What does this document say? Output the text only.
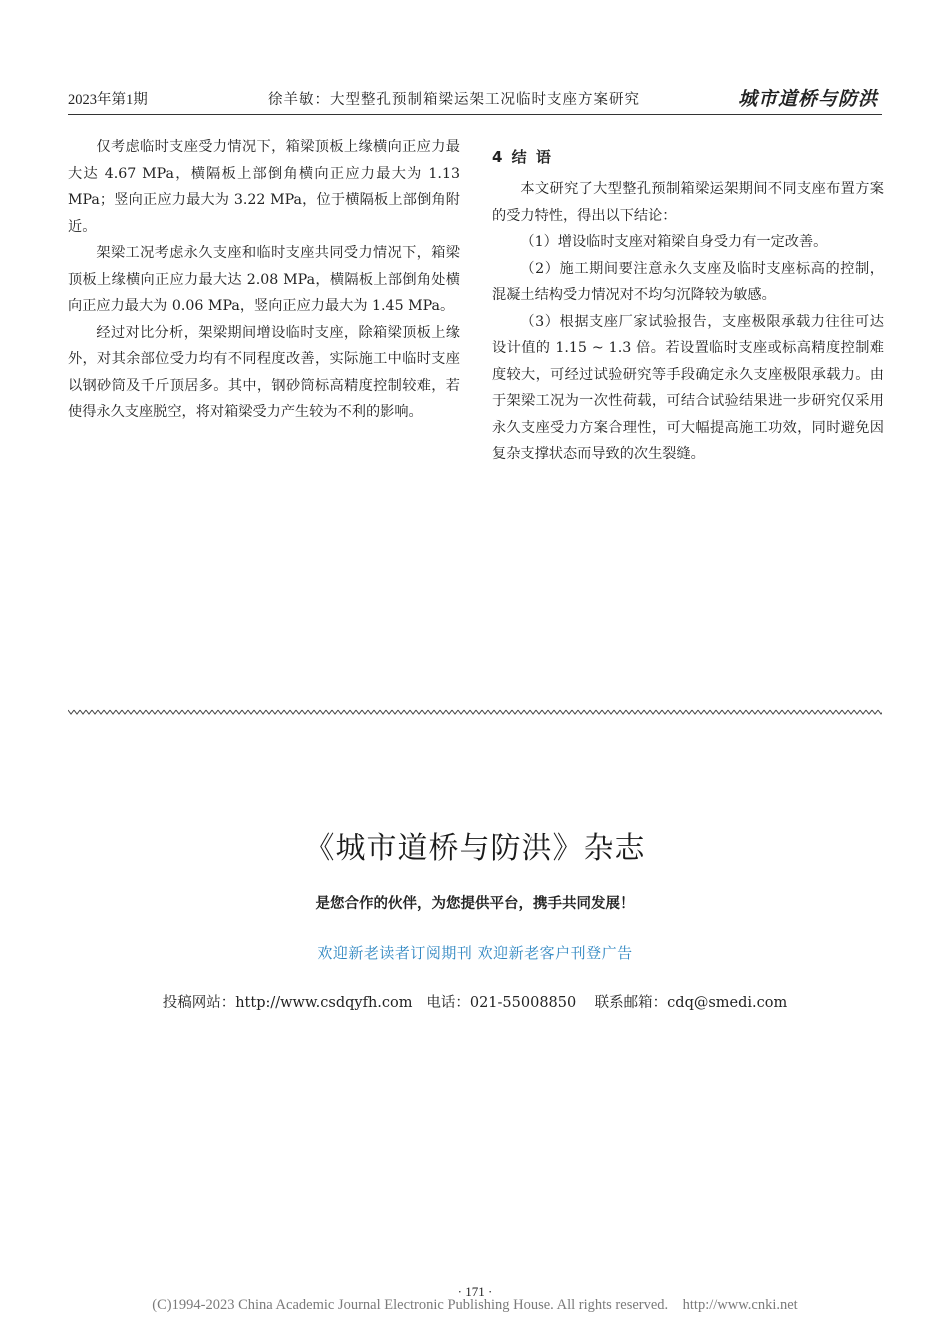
2023年第1期	徐羊敏：大型整孔预制箱梁运架工况临时支座方案研究	城市道桥与防洪

仅考虑临时支座受力情况下，箱梁顶板上缘横向正应力最大达 4.67 MPa，横隔板上部倒角横向正应力最大为 1.13 MPa；竖向正应力最大为 3.22 MPa，位于横隔板上部倒角附近。

架梁工况考虑永久支座和临时支座共同受力情况下，箱梁顶板上缘横向正应力最大达 2.08 MPa，横隔板上部倒角处横向正应力最大为 0.06 MPa，竖向正应力最大为 1.45 MPa。

经过对比分析，架梁期间增设临时支座，除箱梁顶板上缘外，对其余部位受力均有不同程度改善，实际施工中临时支座以钢砂筒及千斤顶居多。其中，钢砂筒标高精度控制较难，若使得永久支座脱空，将对箱梁受力产生较为不利的影响。

4 结 语

本文研究了大型整孔预制箱梁运架期间不同支座布置方案的受力特性，得出以下结论：

（1）增设临时支座对箱梁自身受力有一定改善。

（2）施工期间要注意永久支座及临时支座标高的控制，混凝土结构受力情况对不均匀沉降较为敏感。

（3）根据支座厂家试验报告，支座极限承载力往往可达设计值的 1.15 ~ 1.3 倍。若设置临时支座或标高精度控制难度较大，可经过试验研究等手段确定永久支座极限承载力。由于架梁工况为一次性荷载，可结合试验结果进一步研究仅采用永久支座受力方案合理性，可大幅提高施工功效，同时避免因复杂支撑状态而导致的次生裂缝。

《城市道桥与防洪》杂志
是您合作的伙伴，为您提供平台，携手共同发展！
欢迎新老读者订阅期刊 欢迎新老客户刊登广告
投稿网站：http://www.csdqyfh.com 电话：021-55008850 联系邮箱：cdq@smedi.com
· 171 ·
(C)1994-2023 China Academic Journal Electronic Publishing House. All rights reserved.    http://www.cnki.net
